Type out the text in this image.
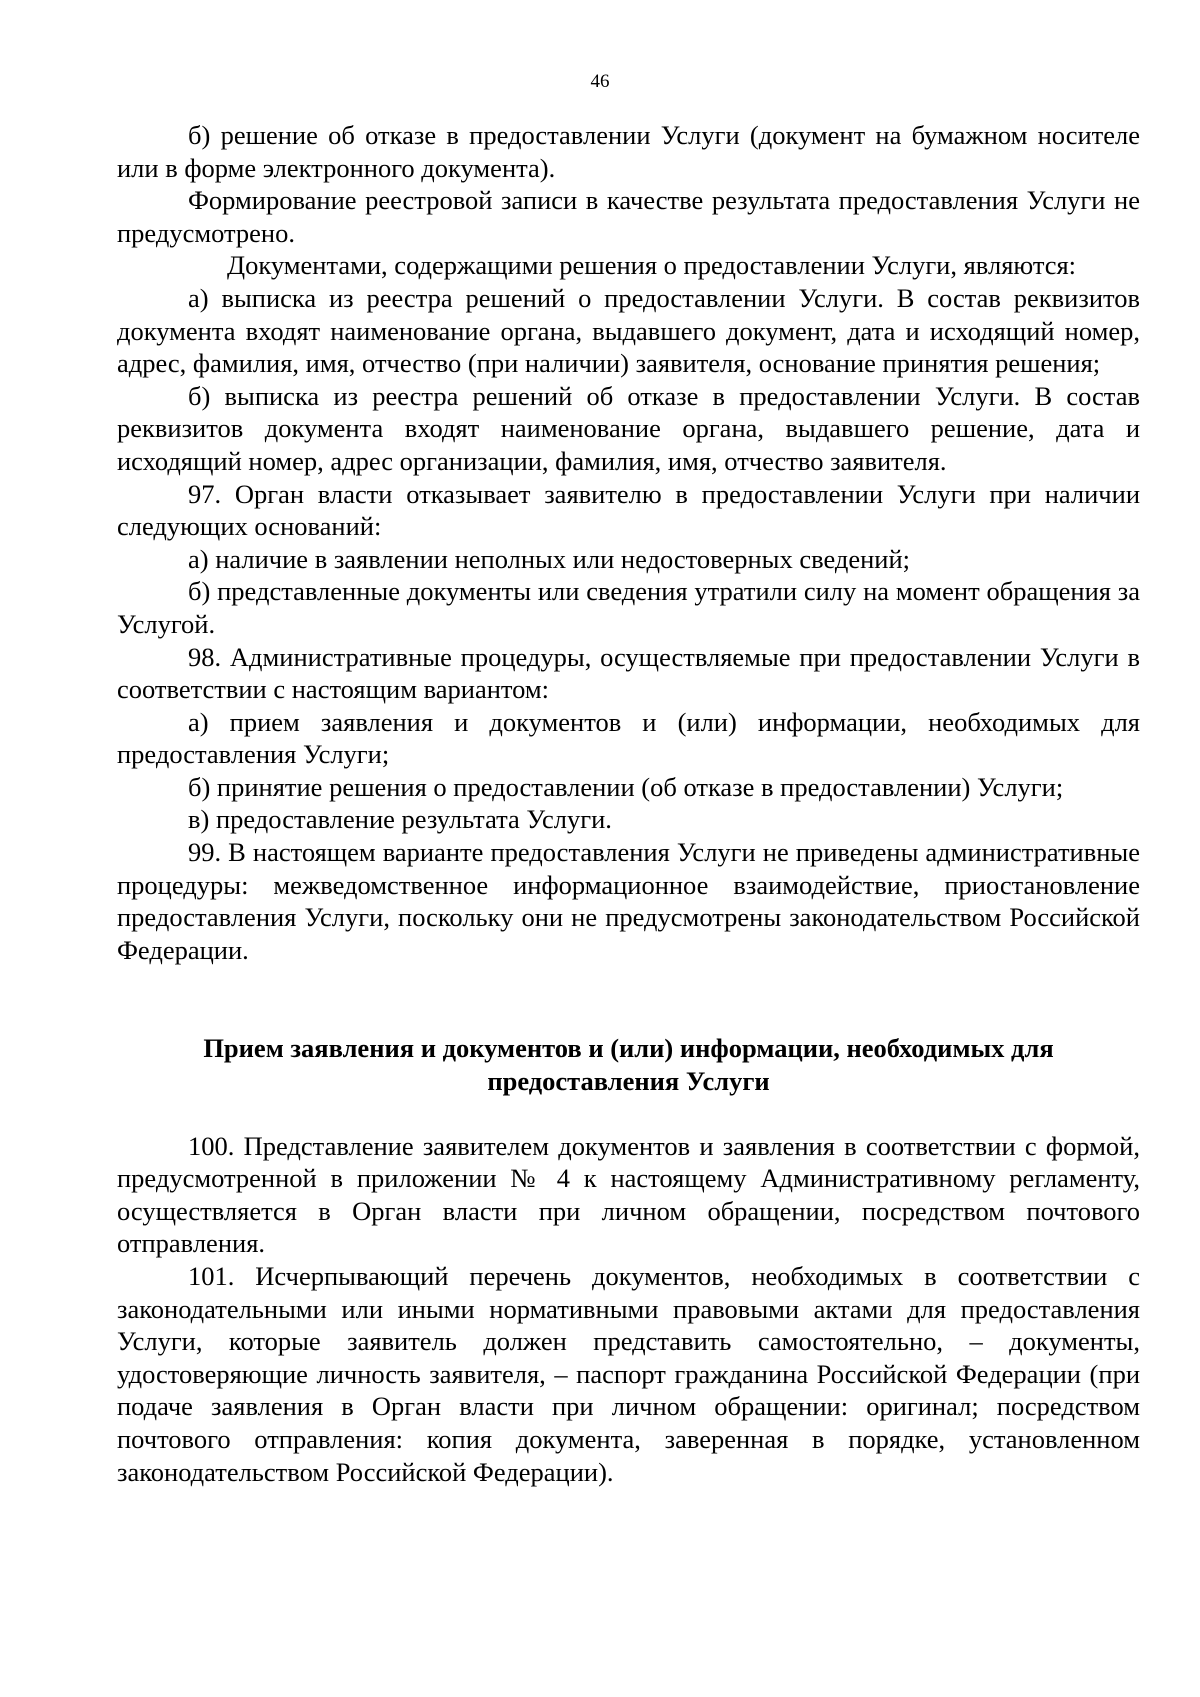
46

б) решение об отказе в предоставлении Услуги (документ на бумажном носителе или в форме электронного документа).

Формирование реестровой записи в качестве результата предоставления Услуги не предусмотрено.

Документами, содержащими решения о предоставлении Услуги, являются:

а) выписка из реестра решений о предоставлении Услуги. В состав реквизитов документа входят наименование органа, выдавшего документ, дата и исходящий номер, адрес, фамилия, имя, отчество (при наличии) заявителя, основание принятия решения;

б) выписка из реестра решений об отказе в предоставлении Услуги. В состав реквизитов документа входят наименование органа, выдавшего решение, дата и исходящий номер, адрес организации, фамилия, имя, отчество заявителя.

97. Орган власти отказывает заявителю в предоставлении Услуги при наличии следующих оснований:

а) наличие в заявлении неполных или недостоверных сведений;

б) представленные документы или сведения утратили силу на момент обращения за Услугой.

98. Административные процедуры, осуществляемые при предоставлении Услуги в соответствии с настоящим вариантом:

а) прием заявления и документов и (или) информации, необходимых для предоставления Услуги;

б) принятие решения о предоставлении (об отказе в предоставлении) Услуги;

в) предоставление результата Услуги.

99. В настоящем варианте предоставления Услуги не приведены административные процедуры: межведомственное информационное взаимодействие, приостановление предоставления Услуги, поскольку они не предусмотрены законодательством Российской Федерации.

Прием заявления и документов и (или) информации, необходимых для предоставления Услуги

100. Представление заявителем документов и заявления в соответствии с формой, предусмотренной в приложении № 4 к настоящему Административному регламенту, осуществляется в Орган власти при личном обращении, посредством почтового отправления.

101. Исчерпывающий перечень документов, необходимых в соответствии с законодательными или иными нормативными правовыми актами для предоставления Услуги, которые заявитель должен представить самостоятельно, – документы, удостоверяющие личность заявителя, – паспорт гражданина Российской Федерации (при подаче заявления в Орган власти при личном обращении: оригинал; посредством почтового отправления: копия документа, заверенная в порядке, установленном законодательством Российской Федерации).
